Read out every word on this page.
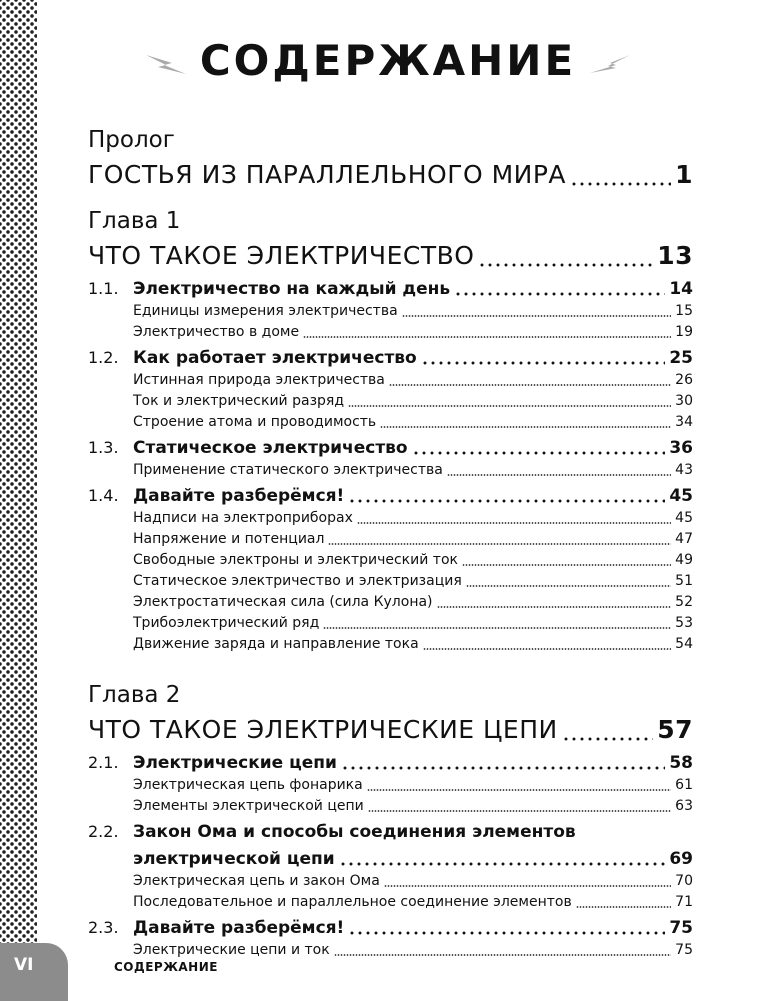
СОДЕРЖАНИЕ
Пролог
ГОСТЬЯ ИЗ ПАРАЛЛЕЛЬНОГО МИРА	1
Глава 1
ЧТО ТАКОЕ ЭЛЕКТРИЧЕСТВО	13
1.1. Электричество на каждый день	14
Единицы измерения электричества	15
Электричество в доме	19
1.2. Как работает электричество	25
Истинная природа электричества	26
Ток и электрический разряд	30
Строение атома и проводимость	34
1.3. Статическое электричество	36
Применение статического электричества	43
1.4. Давайте разберёмся!	45
Надписи на электроприборах	45
Напряжение и потенциал	47
Свободные электроны и электрический ток	49
Статическое электричество и электризация	51
Электростатическая сила (сила Кулона)	52
Трибоэлектрический ряд	53
Движение заряда и направление тока	54
Глава 2
ЧТО ТАКОЕ ЭЛЕКТРИЧЕСКИЕ ЦЕПИ	57
2.1. Электрические цепи	58
Электрическая цепь фонарика	61
Элементы электрической цепи	63
2.2. Закон Ома и способы соединения элементов
электрической цепи	69
Электрическая цепь и закон Ома	70
Последовательное и параллельное соединение элементов	71
2.3. Давайте разберёмся!	75
Электрические цепи и ток	75
VI	СОДЕРЖАНИЕ
